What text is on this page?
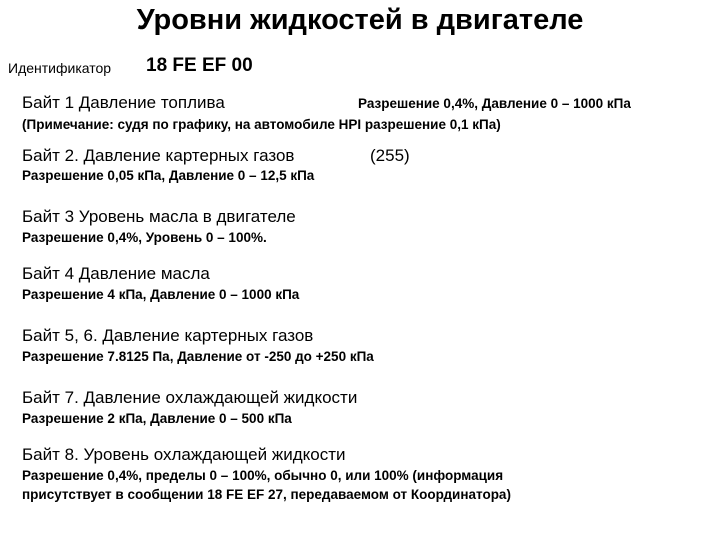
Уровни жидкостей в двигателе
Идентификатор 18 FE EF 00
Байт 1 Давление топлива	Разрешение 0,4%, Давление 0 – 1000 кПа
(Примечание: судя по графику, на автомобиле HPI разрешение 0,1 кПа)
Байт 2. Давление картерных газов	(255)
Разрешение 0,05 кПа, Давление 0 – 12,5 кПа
Байт 3 Уровень масла в двигателе
Разрешение 0,4%, Уровень 0 – 100%.
Байт 4 Давление масла
Разрешение 4 кПа, Давление 0 – 1000 кПа
Байт 5, 6. Давление картерных газов
Разрешение 7.8125 Па, Давление от -250 до +250 кПа
Байт 7. Давление охлаждающей жидкости
Разрешение 2 кПа, Давление 0 – 500 кПа
Байт 8. Уровень охлаждающей жидкости
Разрешение 0,4%, пределы 0 – 100%, обычно 0, или 100% (информация
присутствует в сообщении 18 FE EF 27, передаваемом от Координатора)
